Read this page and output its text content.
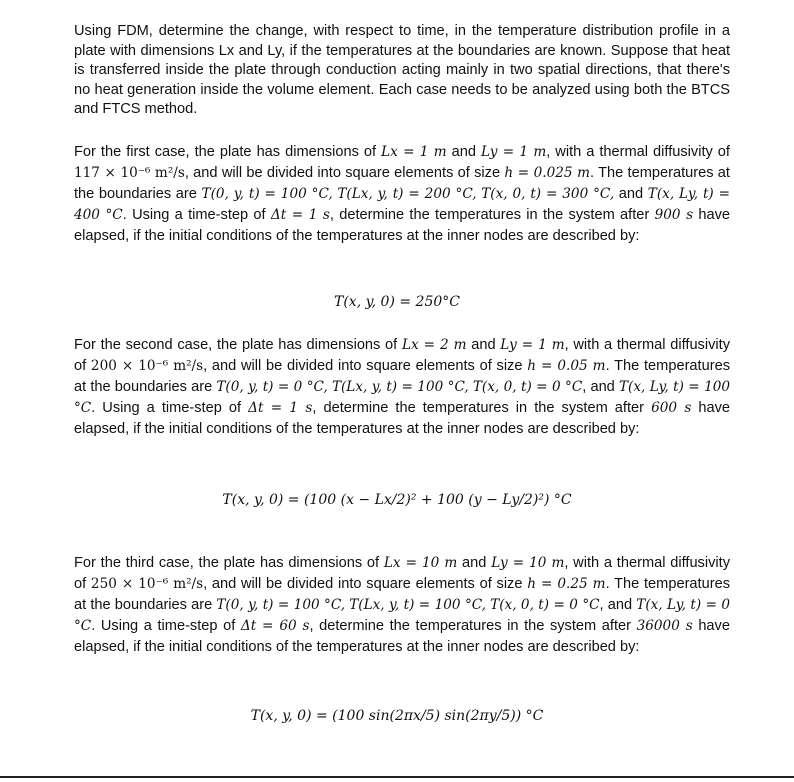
Using FDM, determine the change, with respect to time, in the temperature distribution profile in a plate with dimensions Lx and Ly, if the temperatures at the boundaries are known. Suppose that heat is transferred inside the plate through conduction acting mainly in two spatial directions, that there's no heat generation inside the volume element. Each case needs to be analyzed using both the BTCS and FTCS method.
For the first case, the plate has dimensions of Lx = 1 m and Ly = 1 m, with a thermal diffusivity of 117 × 10⁻⁶ m²/s, and will be divided into square elements of size h = 0.025 m. The temperatures at the boundaries are T(0, y, t) = 100 °C, T(Lx, y, t) = 200 °C, T(x, 0, t) = 300 °C, and T(x, Ly, t) = 400 °C. Using a time-step of Δt = 1 s, determine the temperatures in the system after 900 s have elapsed, if the initial conditions of the temperatures at the inner nodes are described by:
T(x, y, 0) = 250°C
For the second case, the plate has dimensions of Lx = 2 m and Ly = 1 m, with a thermal diffusivity of 200 × 10⁻⁶ m²/s, and will be divided into square elements of size h = 0.05 m. The temperatures at the boundaries are T(0, y, t) = 0 °C, T(Lx, y, t) = 100 °C, T(x, 0, t) = 0 °C, and T(x, Ly, t) = 100 °C. Using a time-step of Δt = 1 s, determine the temperatures in the system after 600 s have elapsed, if the initial conditions of the temperatures at the inner nodes are described by:
T(x, y, 0) = (100 (x − Lx/2)² + 100 (y − Ly/2)²) °C
For the third case, the plate has dimensions of Lx = 10 m and Ly = 10 m, with a thermal diffusivity of 250 × 10⁻⁶ m²/s, and will be divided into square elements of size h = 0.25 m. The temperatures at the boundaries are T(0, y, t) = 100 °C, T(Lx, y, t) = 100 °C, T(x, 0, t) = 0 °C, and T(x, Ly, t) = 0 °C. Using a time-step of Δt = 60 s, determine the temperatures in the system after 36000 s have elapsed, if the initial conditions of the temperatures at the inner nodes are described by:
T(x, y, 0) = (100 sin(2πx/5) sin(2πy/5)) °C
